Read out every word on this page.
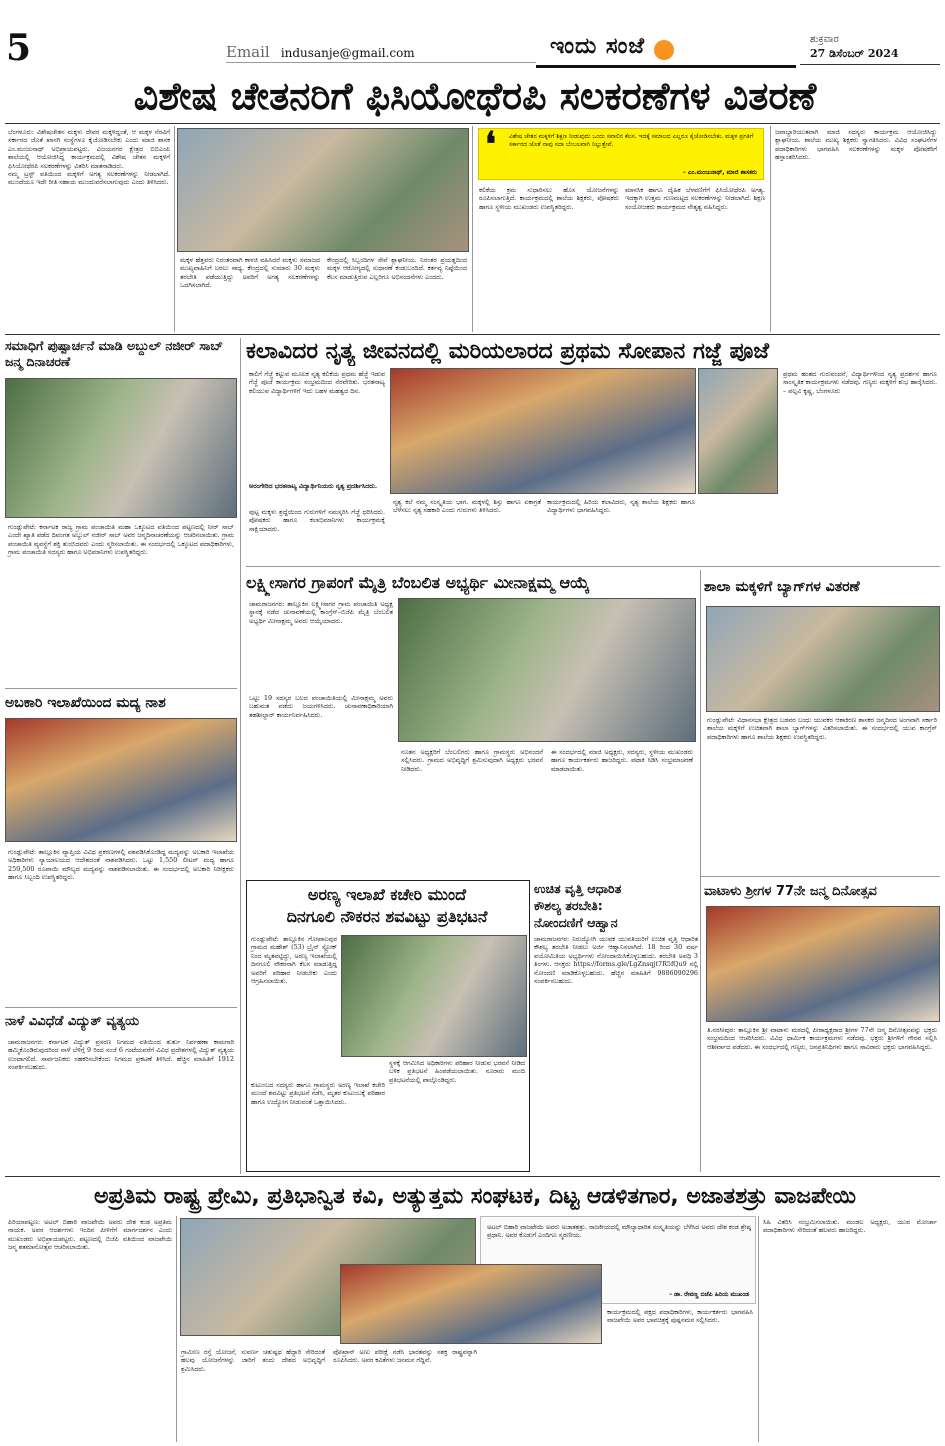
5	Email indusanje@gmail.com	ಇಂದು ಸಂಜೆ	ಶುಕ್ರವಾರ
27 ಡಿಸೆಂಬರ್ 2024
ವಿಶೇಷ ಚೇತನರಿಗೆ ಫಿಸಿಯೋಥೆರಪಿ ಸಲಕರಣೆಗಳ ವಿತರಣೆ
ಬೆಂಗಳೂರು: ವಿಶೇಷಚೇತನ ಮಕ್ಕಳು ದೇವರ ಮಕ್ಕಳಿದ್ದಂತೆ, ಆ ಮಕ್ಕಳ ನೆರವಿಗೆ ಸರ್ಕಾರದ ಜೊತೆ ಖಾಸಗಿ ಸಂಸ್ಥೆಗಳೂ ಕೈಜೋಡಿಸಬೇಕು ಎಂದು ಮಾಜಿ ಶಾಸಕ ಎಂ.ಮಂಜುನಾಥ್ ಅಭಿಪ್ರಾಯಪಟ್ಟರು. ವಿಜಯನಗರ ಕ್ಷೇತ್ರದ ಬಿಬಿಎಂಪಿ ಶಾಲೆಯಲ್ಲಿ ಆಯೋಜಿಸಿದ್ದ ಕಾರ್ಯಕ್ರಮದಲ್ಲಿ ವಿಶೇಷ ಚೇತನ ಮಕ್ಕಳಿಗೆ ಫಿಸಿಯೋಥೆರಪಿ ಸಲಕರಣೆಗಳನ್ನು ವಿತರಿಸಿ ಮಾತನಾಡಿದರು.
ನಮ್ಮ ಟ್ರಸ್ಟ್ ವತಿಯಿಂದ ಮಕ್ಕಳಿಗೆ ಅಗತ್ಯ ಸಲಕರಣೆಗಳನ್ನು ನೀಡಲಾಗಿದೆ. ಮುಂದೆಯೂ ಇದೇ ರೀತಿ ಸಹಾಯ ಮುಂದುವರೆಸಲಾಗುವುದು ಎಂದು ತಿಳಿಸಿದರು.
ಮಕ್ಕಳ ಹೆತ್ತವರು ನಿರಂತರವಾಗಿ ಕಾಳಜಿ ವಹಿಸಿದರೆ ಮಕ್ಕಳು ಸಮಾಜದ ಮುಖ್ಯವಾಹಿನಿಗೆ ಬರಲು ಸಾಧ್ಯ. ಕೇಂದ್ರದಲ್ಲಿ ಸುಮಾರು 30 ಮಕ್ಕಳು ತರಬೇತಿ ಪಡೆಯುತ್ತಿದ್ದು ಅವರಿಗೆ ಅಗತ್ಯ ಸಲಕರಣೆಗಳನ್ನು ಒದಗಿಸಲಾಗಿದೆ.
ಕೇಂದ್ರದಲ್ಲಿ ಸಿಬ್ಬಂದಿಗಳ ಸೇವೆ ಶ್ಲಾಘನೀಯ. ನಿರಂತರ ಪ್ರಯತ್ನದಿಂದ ಮಕ್ಕಳ ಆರೋಗ್ಯದಲ್ಲಿ ಸುಧಾರಣೆ ಕಂಡುಬಂದಿದೆ. ಕರ್ತವ್ಯ ನಿಷ್ಠೆಯಿಂದ ಕೆಲಸ ಮಾಡುತ್ತಿರುವ ಎಲ್ಲರಿಗೂ ಅಭಿನಂದನೆಗಳು ಎಂದರು.
❛ ವಿಶೇಷ ಚೇತನ ಮಕ್ಕಳಿಗೆ ಶಿಕ್ಷಣ ನೀಡುವುದು ಒಂದು ಸವಾಲಿನ ಕೆಲಸ. ಇದಕ್ಕೆ ಸಮಾಜದ ಎಲ್ಲರೂ ಕೈಜೋಡಿಸಬೇಕು. ಮಕ್ಕಳ ಪ್ರಗತಿಗೆ ಸರ್ಕಾರದ ಜೊತೆ ನಾವು ಸದಾ ಬೆಂಬಲವಾಗಿ ನಿಲ್ಲುತ್ತೇವೆ.
– ಎಂ.ಮಂಜುನಾಥ್, ಮಾಜಿ ಶಾಸಕರು
ಕಲಿಕೆಯ ಕ್ರಮ ಸುಧಾರಿಸಲು ಹೊಸ ಯೋಜನೆಗಳನ್ನು ರೂಪಿಸಲಾಗುತ್ತಿದೆ. ಕಾರ್ಯಕ್ರಮದಲ್ಲಿ ಶಾಲೆಯ ಶಿಕ್ಷಕರು, ಪೋಷಕರು ಹಾಗೂ ಸ್ಥಳೀಯ ಮುಖಂಡರು ಉಪಸ್ಥಿತರಿದ್ದರು.
ಮಾನಸಿಕ ಹಾಗೂ ದೈಹಿಕ ಬೆಳವಣಿಗೆಗೆ ಫಿಸಿಯೋಥೆರಪಿ ಅಗತ್ಯ. ಇದಕ್ಕಾಗಿ ಉತ್ತಮ ಗುಣಮಟ್ಟದ ಸಲಕರಣೆಗಳನ್ನು ನೀಡಲಾಗಿದೆ. ಶಿಕ್ಷಣ ಸಂಯೋಜಕರು ಕಾರ್ಯಕ್ರಮದ ನೇತೃತ್ವ ವಹಿಸಿದ್ದರು.
ಜವಾಬ್ದಾರಿಯುತವಾಗಿ ಮಾಜಿ ಸದಸ್ಯರು ಕಾರ್ಯಕ್ರಮ ಆಯೋಜಿಸಿದ್ದು ಶ್ಲಾಘನೀಯ. ಶಾಲೆಯ ಮುಖ್ಯ ಶಿಕ್ಷಕರು ಸ್ವಾಗತಿಸಿದರು. ವಿವಿಧ ಸಂಘಟನೆಗಳ ಪದಾಧಿಕಾರಿಗಳು ಭಾಗವಹಿಸಿ ಸಲಕರಣೆಗಳನ್ನು ಮಕ್ಕಳ ಪೋಷಕರಿಗೆ ಹಸ್ತಾಂತರಿಸಿದರು.
ಸಮಾಧಿಗೆ ಪುಷ್ಪಾರ್ಚನೆ ಮಾಡಿ ಅಬ್ದುಲ್ ನಜೀರ್ ಸಾಬ್ ಜನ್ಮ ದಿನಾಚರಣೆ
ಗುಂಡ್ಲುಪೇಟೆ: ಕರ್ನಾಟಕ ರಾಜ್ಯ ಗ್ರಾಮ ಪಂಚಾಯಿತಿ ಮಹಾ ಒಕ್ಕೂಟದ ವತಿಯಿಂದ ಪಟ್ಟಣದಲ್ಲಿ ನೀರ್ ಸಾಬ್ ಎಂದೇ ಖ್ಯಾತಿ ಪಡೆದ ದಿವಂಗತ ಅಬ್ದುಲ್ ನಜೀರ್ ಸಾಬ್ ಅವರ ಜನ್ಮದಿನಾಚರಣೆಯನ್ನು ಆಚರಿಸಲಾಯಿತು. ಗ್ರಾಮ ಪಂಚಾಯಿತಿ ವ್ಯವಸ್ಥೆಗೆ ಶಕ್ತಿ ತುಂಬಿದವರು ಎಂದು ಸ್ಮರಿಸಲಾಯಿತು. ಈ ಸಂದರ್ಭದಲ್ಲಿ ಒಕ್ಕೂಟದ ಪದಾಧಿಕಾರಿಗಳು, ಗ್ರಾಮ ಪಂಚಾಯಿತಿ ಸದಸ್ಯರು ಹಾಗೂ ಅಭಿಮಾನಿಗಳು ಉಪಸ್ಥಿತರಿದ್ದರು.
ಅಬಕಾರಿ ಇಲಾಖೆಯಿಂದ ಮದ್ಯ ನಾಶ
ಗುಂಡ್ಲುಪೇಟೆ: ತಾಲ್ಲೂಕಿನ ವ್ಯಾಪ್ತಿಯ ವಿವಿಧ ಪ್ರಕರಣಗಳಲ್ಲಿ ವಶಪಡಿಸಿಕೊಂಡಿದ್ದ ಮದ್ಯವನ್ನು ಅಬಕಾರಿ ಇಲಾಖೆಯ ಅಧಿಕಾರಿಗಳು ನ್ಯಾಯಾಲಯದ ಆದೇಶದಂತೆ ನಾಶಪಡಿಸಿದರು. ಒಟ್ಟು 1,550 ಲೀಟರ್ ಮದ್ಯ ಹಾಗೂ 259,500 ರೂಪಾಯಿ ಮೌಲ್ಯದ ಮದ್ಯವನ್ನು ನಾಶಪಡಿಸಲಾಯಿತು. ಈ ಸಂದರ್ಭದಲ್ಲಿ ಅಬಕಾರಿ ನಿರೀಕ್ಷಕರು ಹಾಗೂ ಸಿಬ್ಬಂದಿ ಉಪಸ್ಥಿತರಿದ್ದರು.
ನಾಳೆ ವಿವಿಧೆಡೆ ವಿದ್ಯುತ್ ವ್ಯತ್ಯಯ
ಚಾಮರಾಜನಗರ: ಕರ್ನಾಟಕ ವಿದ್ಯುತ್ ಪ್ರಸರಣ ನಿಗಮದ ವತಿಯಿಂದ ತುರ್ತು ನಿರ್ವಹಣಾ ಕಾಮಗಾರಿ ಹಮ್ಮಿಕೊಂಡಿರುವುದರಿಂದ ನಾಳೆ ಬೆಳಿಗ್ಗೆ 9 ರಿಂದ ಸಂಜೆ 6 ಗಂಟೆಯವರೆಗೆ ವಿವಿಧ ಪ್ರದೇಶಗಳಲ್ಲಿ ವಿದ್ಯುತ್ ವ್ಯತ್ಯಯ ಉಂಟಾಗಲಿದೆ. ಸಾರ್ವಜನಿಕರು ಸಹಕರಿಸಬೇಕೆಂದು ನಿಗಮದ ಪ್ರಕಟಣೆ ತಿಳಿಸಿದೆ. ಹೆಚ್ಚಿನ ಮಾಹಿತಿಗೆ 1912 ಸಂಪರ್ಕಿಸಬಹುದು.
ಕಲಾವಿದರ ನೃತ್ಯ ಜೀವನದಲ್ಲಿ ಮರಿಯಲಾರದ ಪ್ರಥಮ ಸೋಪಾನ ಗಜ್ಜೆ ಪೂಜೆ
ಕಾಲಿಗೆ ಗೆಜ್ಜೆ ಕಟ್ಟುವ ಮೂಲಕ ನೃತ್ಯ ಕಲಿಕೆಯ ಪ್ರಥಮ ಹೆಜ್ಜೆ ಇಡುವ ಗೆಜ್ಜೆ ಪೂಜೆ ಕಾರ್ಯಕ್ರಮ ಸಂಭ್ರಮದಿಂದ ನೆರವೇರಿತು. ಭರತನಾಟ್ಯ ಕಲಿಯುವ ವಿದ್ಯಾರ್ಥಿಗಳಿಗೆ ಇದು ಬಹಳ ಮಹತ್ವದ ದಿನ.
ಪ್ರಥಮ ಹಂತದ ಗುರುವಂದನೆ, ವಿದ್ಯಾರ್ಥಿಗಳಿಂದ ನೃತ್ಯ ಪ್ರದರ್ಶನ ಹಾಗೂ ಸಾಂಸ್ಕೃತಿಕ ಕಾರ್ಯಕ್ರಮಗಳು ನಡೆದವು. ಗಣ್ಯರು ಮಕ್ಕಳಿಗೆ ಶುಭ ಹಾರೈಸಿದರು. – ಪಲ್ಲವಿ ಕೃಷ್ಣ, ಬೆಂಗಳೂರು
ಅರಂಗೇರಿದ ಭರತನಾಟ್ಯ ವಿದ್ಯಾರ್ಥಿನಿಯರು ನೃತ್ಯ ಪ್ರದರ್ಶಿಸಿದರು.
ಪುಟ್ಟ ಮಕ್ಕಳು ಶ್ರದ್ಧೆಯಿಂದ ಗುರುಗಳಿಗೆ ನಮಸ್ಕರಿಸಿ ಗೆಜ್ಜೆ ಧರಿಸಿದರು. ಪೋಷಕರು ಹಾಗೂ ಕಲಾಭಿಮಾನಿಗಳು ಕಾರ್ಯಕ್ರಮಕ್ಕೆ ಸಾಕ್ಷಿಯಾದರು.
ನೃತ್ಯ ಕಲೆ ನಮ್ಮ ಸಂಸ್ಕೃತಿಯ ಭಾಗ. ಮಕ್ಕಳಲ್ಲಿ ಶಿಸ್ತು ಹಾಗೂ ಏಕಾಗ್ರತೆ ಬೆಳೆಸಲು ನೃತ್ಯ ಸಹಕಾರಿ ಎಂದು ಗುರುಗಳು ತಿಳಿಸಿದರು.
ಕಾರ್ಯಕ್ರಮದಲ್ಲಿ ಹಿರಿಯ ಕಲಾವಿದರು, ನೃತ್ಯ ಶಾಲೆಯ ಶಿಕ್ಷಕರು ಹಾಗೂ ವಿದ್ಯಾರ್ಥಿಗಳು ಭಾಗವಹಿಸಿದ್ದರು.
ಲಕ್ಷ್ಮೀಸಾಗರ ಗ್ರಾಪಂಗೆ ಮೈತ್ರಿ ಬೆಂಬಲಿತ ಅಭ್ಯರ್ಥಿ ಮೀನಾಕ್ಷಮ್ಮ ಆಯ್ಕೆ
ಚಾಮರಾಜನಗರ: ತಾಲ್ಲೂಕಿನ ಲಕ್ಷ್ಮೀಸಾಗರ ಗ್ರಾಮ ಪಂಚಾಯಿತಿ ಅಧ್ಯಕ್ಷ ಸ್ಥಾನಕ್ಕೆ ನಡೆದ ಚುನಾವಣೆಯಲ್ಲಿ ಕಾಂಗ್ರೆಸ್–ಬಿಜೆಪಿ ಮೈತ್ರಿ ಬೆಂಬಲಿತ ಅಭ್ಯರ್ಥಿ ಮೀನಾಕ್ಷಮ್ಮ ಅವರು ಆಯ್ಕೆಯಾದರು.
ಒಟ್ಟು 19 ಸದಸ್ಯರ ಬಲದ ಪಂಚಾಯಿತಿಯಲ್ಲಿ ಮೀನಾಕ್ಷಮ್ಮ ಅವರು ಬಹುಮತ ಪಡೆದು ಜಯಗಳಿಸಿದರು. ಚುನಾವಣಾಧಿಕಾರಿಯಾಗಿ ತಹಶೀಲ್ದಾರ್ ಕಾರ್ಯನಿರ್ವಹಿಸಿದರು.
ನೂತನ ಅಧ್ಯಕ್ಷರಿಗೆ ಬೆಂಬಲಿಗರು ಹಾಗೂ ಗ್ರಾಮಸ್ಥರು ಅಭಿನಂದನೆ ಸಲ್ಲಿಸಿದರು. ಗ್ರಾಮದ ಅಭಿವೃದ್ಧಿಗೆ ಶ್ರಮಿಸುವುದಾಗಿ ಅಧ್ಯಕ್ಷರು ಭರವಸೆ ನೀಡಿದರು.
ಈ ಸಂದರ್ಭದಲ್ಲಿ ಮಾಜಿ ಅಧ್ಯಕ್ಷರು, ಸದಸ್ಯರು, ಸ್ಥಳೀಯ ಮುಖಂಡರು ಹಾಗೂ ಕಾರ್ಯಕರ್ತರು ಹಾಜರಿದ್ದರು. ಪಟಾಕಿ ಸಿಡಿಸಿ ಸಂಭ್ರಮಾಚರಣೆ ಮಾಡಲಾಯಿತು.
ಶಾಲಾ ಮಕ್ಕಳಿಗೆ ಬ್ಯಾಗ್‌ಗಳ ವಿತರಣೆ
ಗುಂಡ್ಲುಪೇಟೆ: ವಿಧಾನಸಭಾ ಕ್ಷೇತ್ರದ ಬಡವರ ಬಂಧು ಯುವಕರ ಆಶಾಕಿರಣ ಶಾಸಕರ ಜನ್ಮದಿನದ ಅಂಗವಾಗಿ ಸರ್ಕಾರಿ ಶಾಲೆಯ ಮಕ್ಕಳಿಗೆ ಉಚಿತವಾಗಿ ಶಾಲಾ ಬ್ಯಾಗ್‌ಗಳನ್ನು ವಿತರಿಸಲಾಯಿತು. ಈ ಸಂದರ್ಭದಲ್ಲಿ ಯುವ ಕಾಂಗ್ರೆಸ್ ಪದಾಧಿಕಾರಿಗಳು ಹಾಗೂ ಶಾಲೆಯ ಶಿಕ್ಷಕರು ಉಪಸ್ಥಿತರಿದ್ದರು.
ಅರಣ್ಯ ಇಲಾಖೆ ಕಚೇರಿ ಮುಂದೆ
ದಿನಗೂಲಿ ನೌಕರನ ಶವವಿಟ್ಟು ಪ್ರತಿಭಟನೆ
ಗುಂಡ್ಲುಪೇಟೆ: ತಾಲ್ಲೂಕಿನ ಗೋಪಾಲಪುರ ಗ್ರಾಮದ ಮಹೇಶ್ (53) ಬ್ರೈನ್ ಸ್ಟ್ರೋಕ್ ನಿಂದ ಮೃತಪಟ್ಟಿದ್ದು, ಅರಣ್ಯ ಇಲಾಖೆಯಲ್ಲಿ ದಿನಗೂಲಿ ನೌಕರನಾಗಿ ಕೆಲಸ ಮಾಡುತ್ತಿದ್ದ ಅವರಿಗೆ ಪರಿಹಾರ ನೀಡಬೇಕು ಎಂದು ಆಗ್ರಹಿಸಲಾಯಿತು.
ಕುಟುಂಬದ ಸದಸ್ಯರು ಹಾಗೂ ಗ್ರಾಮಸ್ಥರು ಅರಣ್ಯ ಇಲಾಖೆ ಕಚೇರಿ ಮುಂದೆ ಶವವಿಟ್ಟು ಪ್ರತಿಭಟನೆ ನಡೆಸಿ, ಮೃತರ ಕುಟುಂಬಕ್ಕೆ ಪರಿಹಾರ ಹಾಗೂ ಉದ್ಯೋಗ ನೀಡುವಂತೆ ಒತ್ತಾಯಿಸಿದರು.
ಸ್ಥಳಕ್ಕೆ ಆಗಮಿಸಿದ ಅಧಿಕಾರಿಗಳು ಪರಿಹಾರ ನೀಡುವ ಭರವಸೆ ನೀಡಿದ ಬಳಿಕ ಪ್ರತಿಭಟನೆ ಹಿಂಪಡೆಯಲಾಯಿತು. ನೂರಾರು ಮಂದಿ ಪ್ರತಿಭಟನೆಯಲ್ಲಿ ಪಾಲ್ಗೊಂಡಿದ್ದರು.
ಉಚಿತ ವೃತ್ತಿ ಆಧಾರಿತ
ಕೌಶಲ್ಯ ತರಬೇತಿ:
ನೋಂದಣಿಗೆ ಆಹ್ವಾನ
ಚಾಮರಾಜನಗರ: ನಿರುದ್ಯೋಗಿ ಯುವಕ ಯುವತಿಯರಿಗೆ ಉಚಿತ ವೃತ್ತಿ ಆಧಾರಿತ ಕೌಶಲ್ಯ ತರಬೇತಿ ನೀಡಲು ಅರ್ಜಿ ಆಹ್ವಾನಿಸಲಾಗಿದೆ. 18 ರಿಂದ 30 ವರ್ಷ ವಯೋಮಿತಿಯ ಅಭ್ಯರ್ಥಿಗಳು ನೋಂದಾಯಿಸಿಕೊಳ್ಳಬಹುದು. ತರಬೇತಿ ಅವಧಿ 3 ತಿಂಗಳು. ಆಸಕ್ತರು https://forms.gle/LgZnsqjt7R5fQu9 ನಲ್ಲಿ ನೋಂದಣಿ ಮಾಡಿಕೊಳ್ಳಬಹುದು. ಹೆಚ್ಚಿನ ಮಾಹಿತಿಗೆ 9886090296 ಸಂಪರ್ಕಿಸಬಹುದು.
ವಾಟಾಳು ಶ್ರೀಗಳ 77ನೇ ಜನ್ಮ ದಿನೋತ್ಸವ
ತಿ.ನರಸೀಪುರ: ತಾಲ್ಲೂಕಿನ ಶ್ರೀ ವಾಟಾಳು ಮಠದಲ್ಲಿ ಪೀಠಾಧ್ಯಕ್ಷರಾದ ಶ್ರೀಗಳ 77ನೇ ಜನ್ಮ ದಿನೋತ್ಸವವನ್ನು ಭಕ್ತರು ಸಂಭ್ರಮದಿಂದ ಆಚರಿಸಿದರು. ವಿವಿಧ ಧಾರ್ಮಿಕ ಕಾರ್ಯಕ್ರಮಗಳು ನಡೆದವು. ಭಕ್ತರು ಶ್ರೀಗಳಿಗೆ ಗೌರವ ಸಲ್ಲಿಸಿ ಆಶೀರ್ವಾದ ಪಡೆದರು. ಈ ಸಂದರ್ಭದಲ್ಲಿ ಗಣ್ಯರು, ಜನಪ್ರತಿನಿಧಿಗಳು ಹಾಗೂ ಸಾವಿರಾರು ಭಕ್ತರು ಭಾಗವಹಿಸಿದ್ದರು.
ಅಪ್ರತಿಮ ರಾಷ್ಟ್ರ ಪ್ರೇಮಿ, ಪ್ರತಿಭಾನ್ವಿತ ಕವಿ, ಅತ್ಯುತ್ತಮ ಸಂಘಟಕ, ದಿಟ್ಟ ಆಡಳಿತಗಾರ, ಅಜಾತಶತ್ರು ವಾಜಪೇಯಿ
ಪಿರಿಯಾಪಟ್ಟಣ: ಅಟಲ್ ಬಿಹಾರಿ ವಾಜಪೇಯಿ ಅವರು ದೇಶ ಕಂಡ ಅಪ್ರತಿಮ ನಾಯಕ. ಅವರ ಆದರ್ಶಗಳು ಇಂದಿನ ಪೀಳಿಗೆಗೆ ಮಾರ್ಗದರ್ಶನ ಎಂದು ಮುಖಂಡರು ಅಭಿಪ್ರಾಯಪಟ್ಟರು. ಪಟ್ಟಣದಲ್ಲಿ ಬಿಜೆಪಿ ವತಿಯಿಂದ ವಾಜಪೇಯಿ ಜನ್ಮ ಶತಮಾನೋತ್ಸವ ಆಚರಿಸಲಾಯಿತು.
ಅಟಲ್ ಬಿಹಾರಿ ವಾಜಪೇಯಿ ಅವರು ಅಜಾತಶತ್ರು. ರಾಜಕೀಯದಲ್ಲಿ ಮೌಲ್ಯಾಧಾರಿತ ಸಂಸ್ಕೃತಿಯನ್ನು ಬೆಳೆಸಿದ ಅವರು ದೇಶ ಕಂಡ ಶ್ರೇಷ್ಠ ಪ್ರಧಾನಿ. ಅವರ ಕೊಡುಗೆ ಎಂದಿಗೂ ಸ್ಮರಣೀಯ.
– ಡಾ. ರೇವಣ್ಣ ಬಿಜೆಪಿ ಹಿರಿಯ ಮುಖಂಡ
ಗ್ರಾಮೀಣ ರಸ್ತೆ ಯೋಜನೆ, ಸುವರ್ಣ ಚತುಷ್ಪಥ ಹೆದ್ದಾರಿ ಸೇರಿದಂತೆ ಹಲವು ಯೋಜನೆಗಳನ್ನು ಜಾರಿಗೆ ತಂದು ದೇಶದ ಅಭಿವೃದ್ಧಿಗೆ ಶ್ರಮಿಸಿದರು.
ಪೋಖ್ರಾನ್ ಅಣು ಪರೀಕ್ಷೆ ನಡೆಸಿ ಭಾರತವನ್ನು ಸಶಕ್ತ ರಾಷ್ಟ್ರವನ್ನಾಗಿ ರೂಪಿಸಿದರು. ಅವರ ಕವಿತೆಗಳು ಜನಮನ ಗೆದ್ದಿವೆ.
ಕಾರ್ಯಕ್ರಮದಲ್ಲಿ ಪಕ್ಷದ ಪದಾಧಿಕಾರಿಗಳು, ಕಾರ್ಯಕರ್ತರು ಭಾಗವಹಿಸಿ ವಾಜಪೇಯಿ ಅವರ ಭಾವಚಿತ್ರಕ್ಕೆ ಪುಷ್ಪನಮನ ಸಲ್ಲಿಸಿದರು.
ಸಿಹಿ ವಿತರಿಸಿ ಸಂಭ್ರಮಿಸಲಾಯಿತು. ಮಂಡಲ ಅಧ್ಯಕ್ಷರು, ಯುವ ಮೋರ್ಚಾ ಪದಾಧಿಕಾರಿಗಳು ಸೇರಿದಂತೆ ಹಲವರು ಹಾಜರಿದ್ದರು.
